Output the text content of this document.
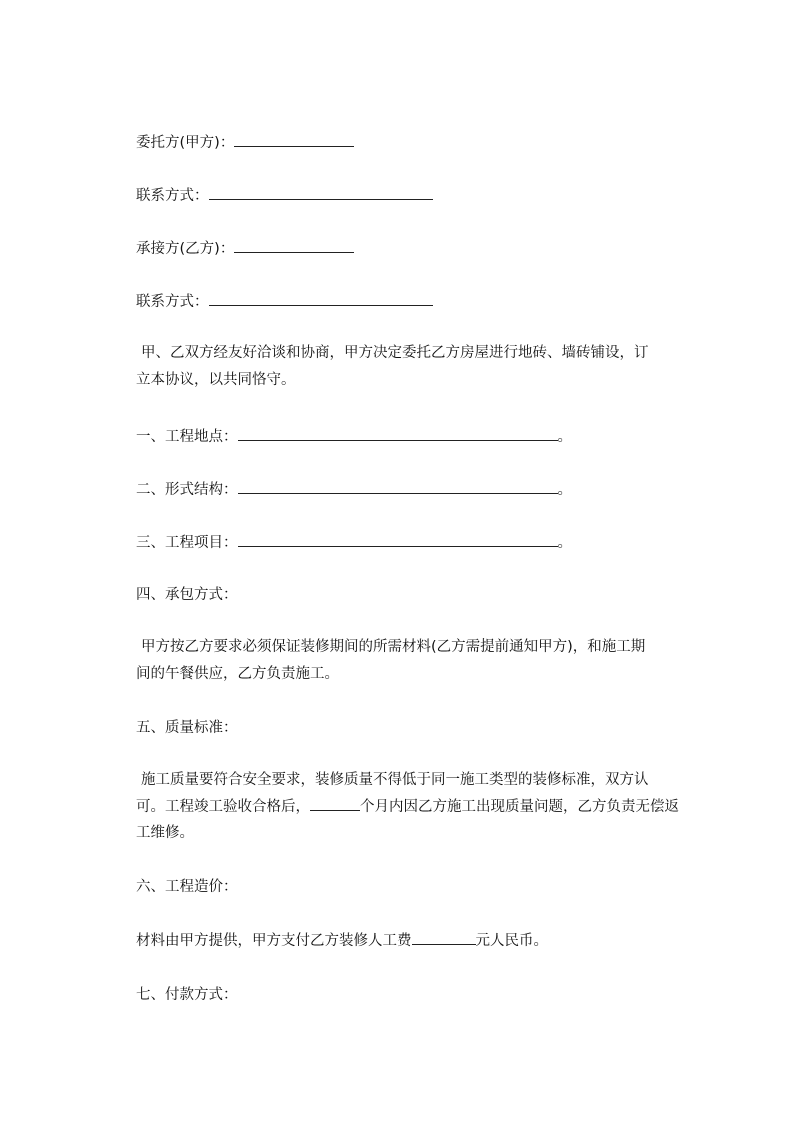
委托方(甲方)：
联系方式：
承接方(乙方)：
联系方式：
甲、乙双方经友好洽谈和协商，甲方决定委托乙方房屋进行地砖、墙砖铺设，订
立本协议，以共同恪守。
一、工程地点：	。
二、形式结构：	。
三、工程项目：	。
四、承包方式：
甲方按乙方要求必须保证装修期间的所需材料(乙方需提前通知甲方)，和施工期
间的午餐供应，乙方负责施工。
五、质量标准：
施工质量要符合安全要求，装修质量不得低于同一施工类型的装修标准，双方认
可。工程竣工验收合格后，	个月内因乙方施工出现质量问题，乙方负责无偿返
工维修。
六、工程造价：
材料由甲方提供，甲方支付乙方装修人工费	元人民币。
七、付款方式：
